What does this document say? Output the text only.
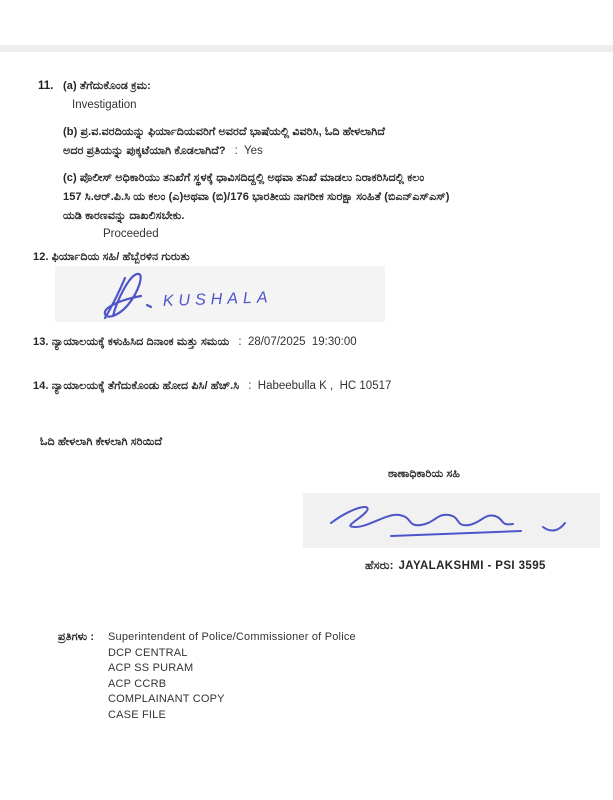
11. (a) ತೆಗೆದುಕೊಂಡ ಕ್ರಮ:
Investigation
(b) ಪ್ರ.ವ.ವರದಿಯನ್ನು ಫಿರ್ಯಾದಿಯವರಿಗೆ ಅವರದೆ ಭಾಷೆಯಲ್ಲಿ ವಿವರಿಸಿ, ಓದಿ ಹೇಳಲಾಗಿದೆ
ಅದರ ಪ್ರತಿಯನ್ನು ಪುಕ್ಕಟೆಯಾಗಿ ಕೊಡಲಾಗಿದೆ? :  Yes
(c) ಪೊಲೀಸ್ ಅಧಿಕಾರಿಯು ತನಿಖೆಗೆ ಸ್ಥಳಕ್ಕೆ ಧಾವಿಸದಿದ್ದಲ್ಲಿ ಅಥವಾ ತನಿಖೆ ಮಾಡಲು ನಿರಾಕರಿಸಿದಲ್ಲಿ ಕಲಂ
157 ಸಿ.ಆರ್.ಪಿ.ಸಿ ಯ ಕಲಂ (ಎ)ಅಥವಾ (ಬಿ)/176 ಭಾರತೀಯ ನಾಗರೀಕ ಸುರಕ್ಷಾ ಸಂಹಿತೆ (ಬಿಎನ್ಎಸ್ಎಸ್)
ಯಡಿ ಕಾರಣವನ್ನು ದಾಖಲಿಸಬೇಕು.
Proceeded
12. ಫಿರ್ಯಾದಿಯ ಸಹಿ/ ಹೆಬ್ಬೆರಳಿನ ಗುರುತು
KUSHALA
13. ನ್ಯಾಯಾಲಯಕ್ಕೆ ಕಳುಹಿಸಿದ ದಿನಾಂಕ ಮತ್ತು ಸಮಯ :  28/07/2025  19:30:00
14. ನ್ಯಾಯಾಲಯಕ್ಕೆ ತೆಗೆದುಕೊಂಡು ಹೋದ ಪಿಸಿ/ ಹೆಚ್.ಸಿ :  Habeebulla K ,  HC 10517
ಓದಿ ಹೇಳಲಾಗಿ ಕೇಳಲಾಗಿ ಸರಿಯಿದೆ
ಠಾಣಾಧಿಕಾರಿಯ ಸಹಿ
ಹೆಸರು: JAYALAKSHMI - PSI 3595
ಪ್ರತಿಗಳು : Superintendent of Police/Commissioner of Police
DCP CENTRAL
ACP SS PURAM
ACP CCRB
COMPLAINANT COPY
CASE FILE
